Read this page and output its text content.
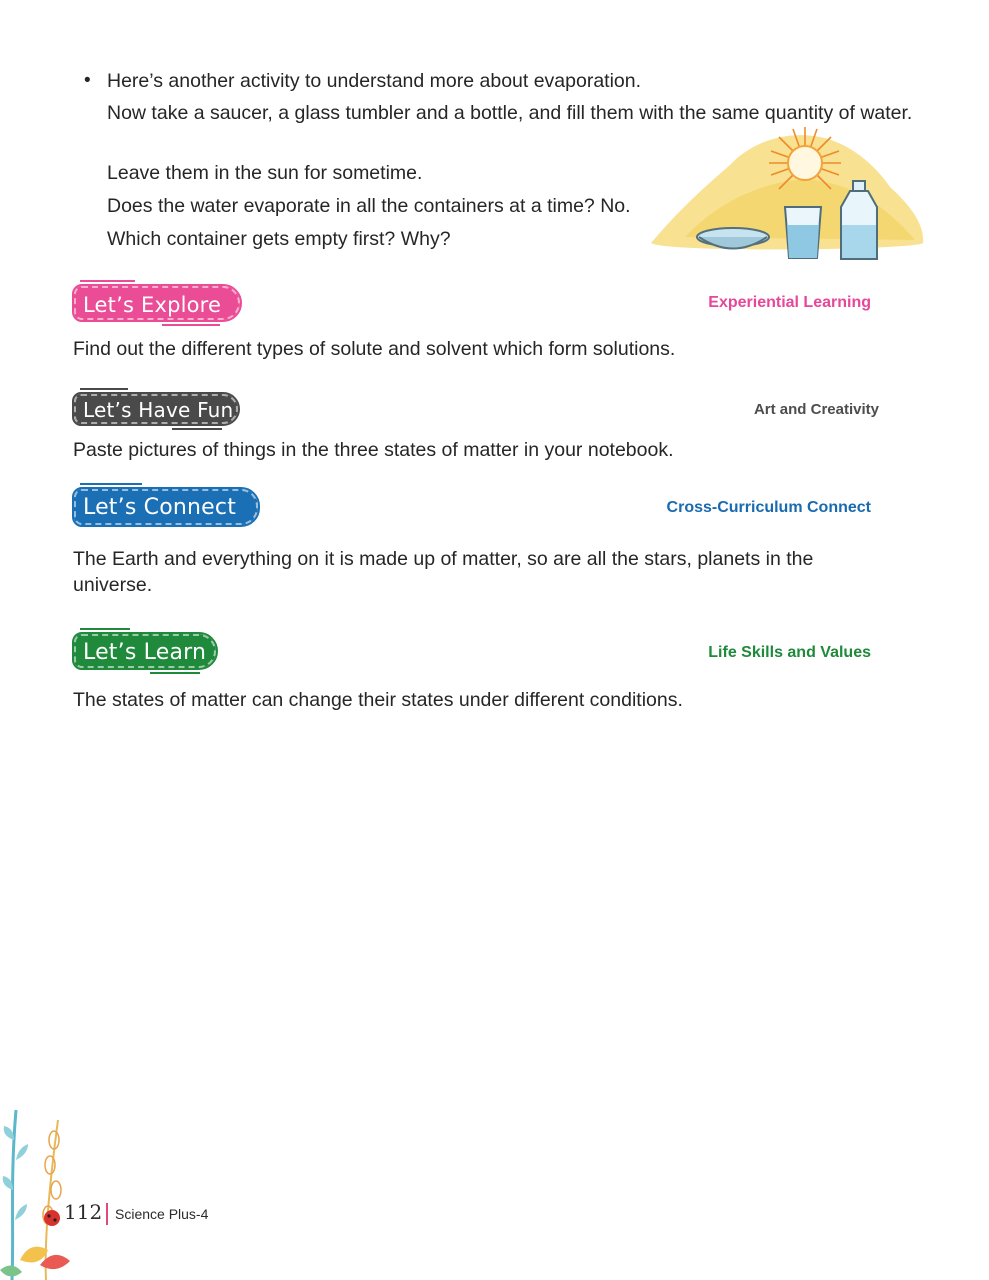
• Here’s another activity to understand more about evaporation.
Now take a saucer, a glass tumbler and a bottle, and fill them with the same quantity of water.
Leave them in the sun for sometime.
Does the water evaporate in all the containers at a time? No.
Which container gets empty first? Why?
Let’s Explore	Experiential Learning
Find out the different types of solute and solvent which form solutions.
Let’s Have Fun	Art and Creativity
Paste pictures of things in the three states of matter in your notebook.
Let’s Connect	Cross-Curriculum Connect
The Earth and everything on it is made up of matter, so are all the stars, planets in the universe.
Let’s Learn	Life Skills and Values
The states of matter can change their states under different conditions.
112 Science Plus-4
